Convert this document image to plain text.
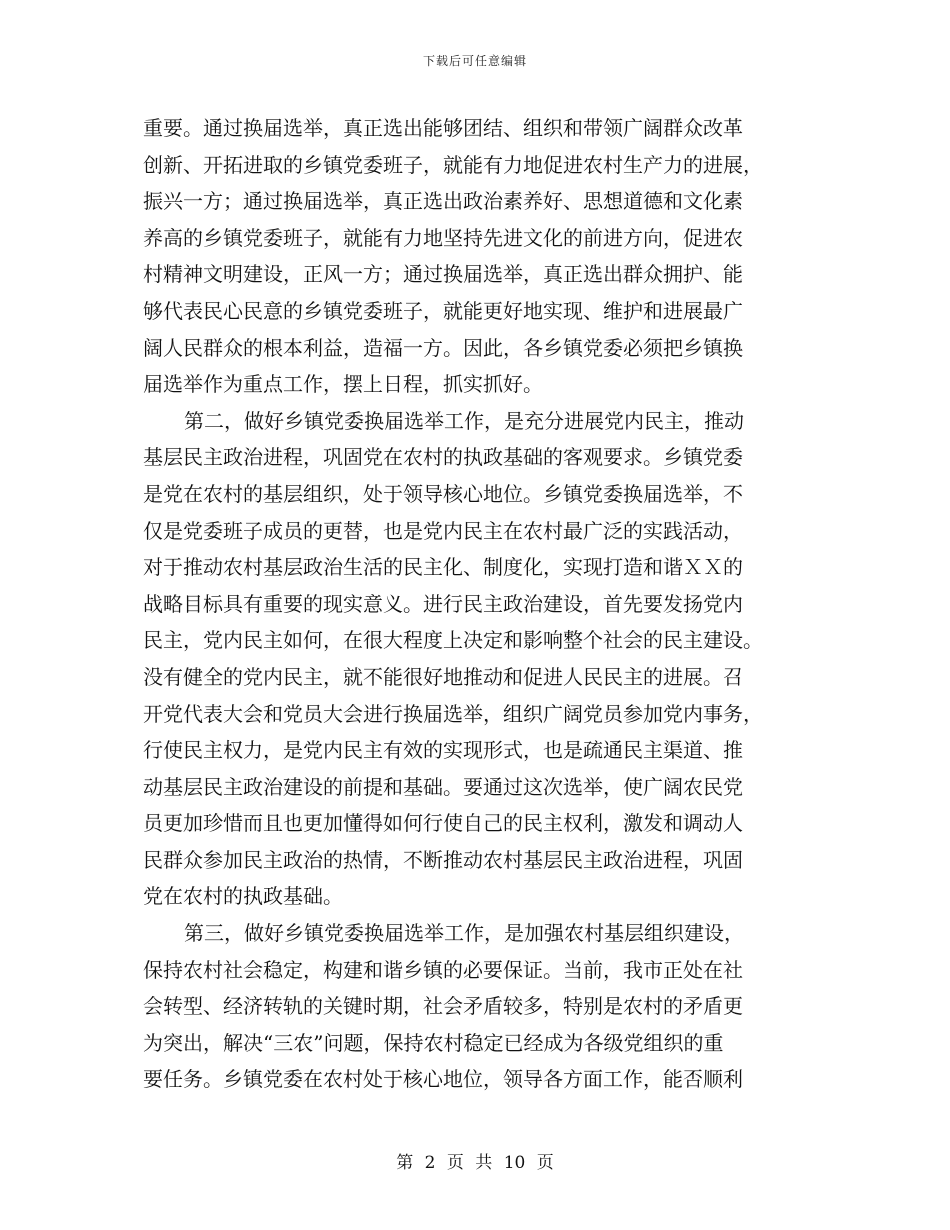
下载后可任意编辑
重要。通过换届选举，真正选出能够团结、组织和带领广阔群众改革
创新、开拓进取的乡镇党委班子，就能有力地促进农村生产力的进展，
振兴一方；通过换届选举，真正选出政治素养好、思想道德和文化素
养高的乡镇党委班子，就能有力地坚持先进文化的前进方向，促进农
村精神文明建设，正风一方；通过换届选举，真正选出群众拥护、能
够代表民心民意的乡镇党委班子，就能更好地实现、维护和进展最广
阔人民群众的根本利益，造福一方。因此，各乡镇党委必须把乡镇换
届选举作为重点工作，摆上日程，抓实抓好。
第二，做好乡镇党委换届选举工作，是充分进展党内民主，推动
基层民主政治进程，巩固党在农村的执政基础的客观要求。乡镇党委
是党在农村的基层组织，处于领导核心地位。乡镇党委换届选举，不
仅是党委班子成员的更替，也是党内民主在农村最广泛的实践活动，
对于推动农村基层政治生活的民主化、制度化，实现打造和谐ＸＸ的
战略目标具有重要的现实意义。进行民主政治建设，首先要发扬党内
民主，党内民主如何，在很大程度上决定和影响整个社会的民主建设。
没有健全的党内民主，就不能很好地推动和促进人民民主的进展。召
开党代表大会和党员大会进行换届选举，组织广阔党员参加党内事务，
行使民主权力，是党内民主有效的实现形式，也是疏通民主渠道、推
动基层民主政治建设的前提和基础。要通过这次选举，使广阔农民党
员更加珍惜而且也更加懂得如何行使自己的民主权利，激发和调动人
民群众参加民主政治的热情，不断推动农村基层民主政治进程，巩固
党在农村的执政基础。
第三，做好乡镇党委换届选举工作，是加强农村基层组织建设，
保持农村社会稳定，构建和谐乡镇的必要保证。当前，我市正处在社
会转型、经济转轨的关键时期，社会矛盾较多，特别是农村的矛盾更
为突出，解决“三农”问题，保持农村稳定已经成为各级党组织的重
要任务。乡镇党委在农村处于核心地位，领导各方面工作，能否顺利
第 2 页 共 10 页
